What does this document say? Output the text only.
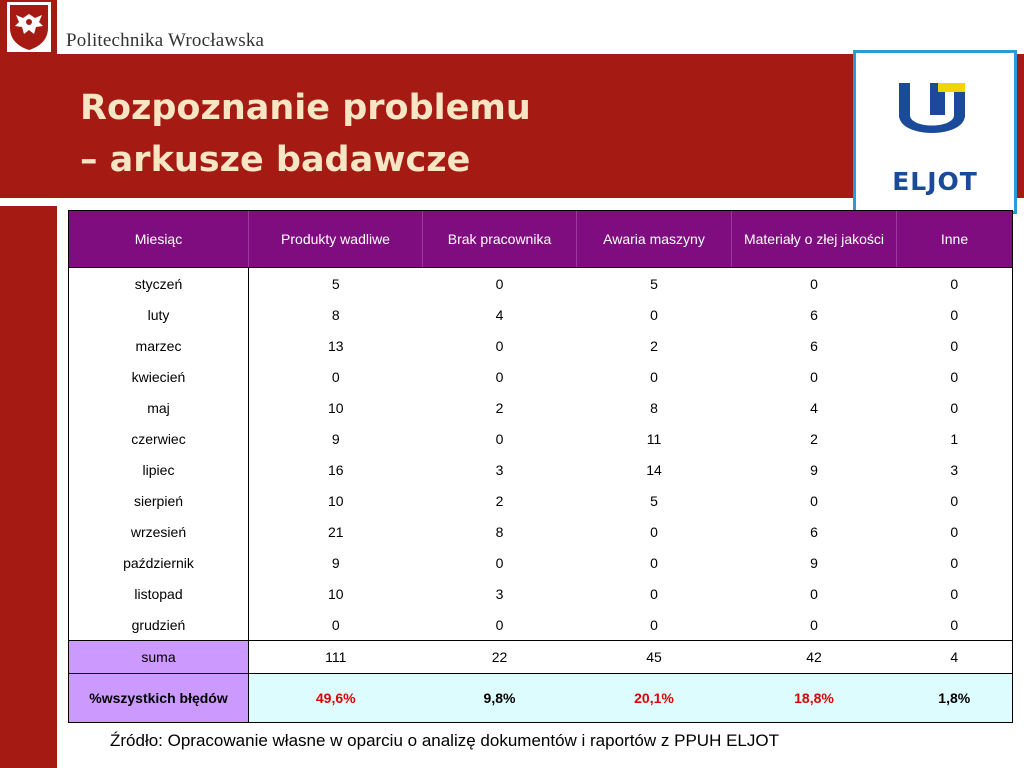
Politechnika Wrocławska
Rozpoznanie problemu
– arkusze badawcze
ELJOT
Miesiąc	Produkty wadliwe	Brak pracownika	Awaria maszyny	Materiały o złej jakości	Inne
styczeń	5	0	5	0	0
luty	8	4	0	6	0
marzec	13	0	2	6	0
kwiecień	0	0	0	0	0
maj	10	2	8	4	0
czerwiec	9	0	11	2	1
lipiec	16	3	14	9	3
sierpień	10	2	5	0	0
wrzesień	21	8	0	6	0
październik	9	0	0	9	0
listopad	10	3	0	0	0
grudzień	0	0	0	0	0
suma	111	22	45	42	4
%wszystkich błędów	49,6%	9,8%	20,1%	18,8%	1,8%
Źródło: Opracowanie własne w oparciu o analizę dokumentów i raportów z PPUH ELJOT
